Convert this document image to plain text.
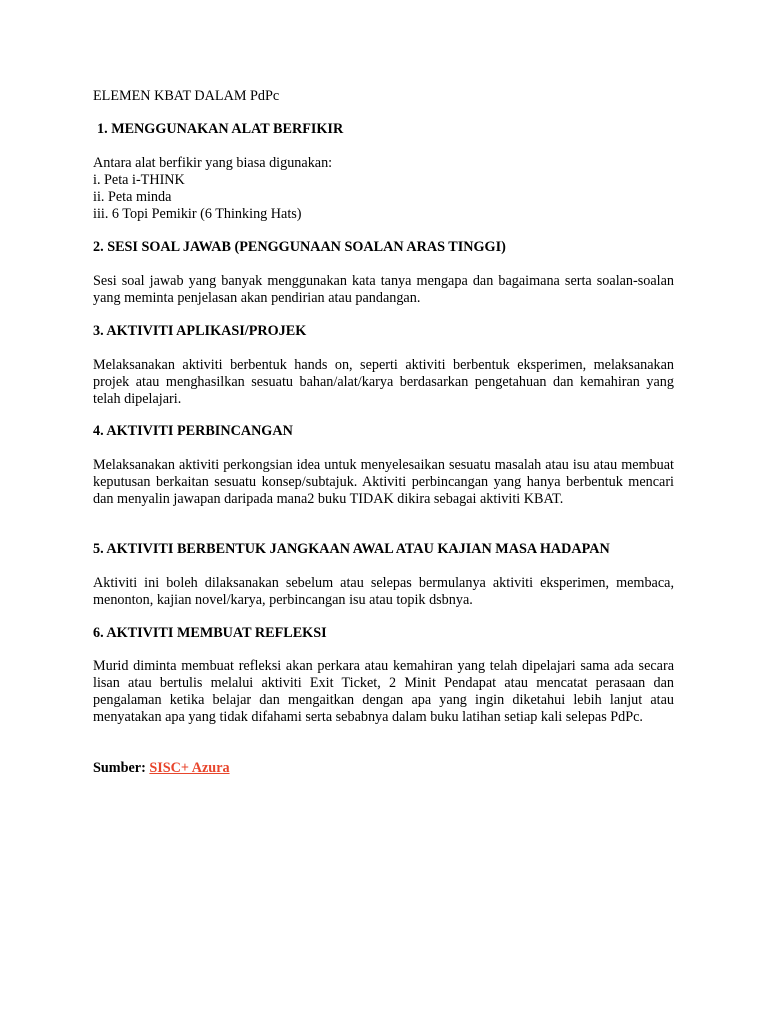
ELEMEN KBAT DALAM PdPc
1. MENGGUNAKAN ALAT BERFIKIR
Antara alat berfikir yang biasa digunakan:
i. Peta i-THINK
ii. Peta minda
iii. 6 Topi Pemikir (6 Thinking Hats)
2. SESI SOAL JAWAB (PENGGUNAAN SOALAN ARAS TINGGI)
Sesi soal jawab yang banyak menggunakan kata tanya mengapa dan bagaimana serta soalan-soalan yang meminta penjelasan akan pendirian atau pandangan.
3. AKTIVITI APLIKASI/PROJEK
Melaksanakan aktiviti berbentuk hands on, seperti aktiviti berbentuk eksperimen, melaksanakan projek atau menghasilkan sesuatu bahan/alat/karya berdasarkan pengetahuan dan kemahiran yang telah dipelajari.
4. AKTIVITI PERBINCANGAN
Melaksanakan aktiviti perkongsian idea untuk menyelesaikan sesuatu masalah atau isu atau membuat keputusan berkaitan sesuatu konsep/subtajuk. Aktiviti perbincangan yang hanya berbentuk mencari dan menyalin jawapan daripada mana2 buku TIDAK dikira sebagai aktiviti KBAT.
5. AKTIVITI BERBENTUK JANGKAAN AWAL ATAU KAJIAN MASA HADAPAN
Aktiviti ini boleh dilaksanakan sebelum atau selepas bermulanya aktiviti eksperimen, membaca, menonton, kajian novel/karya, perbincangan isu atau topik dsbnya.
6. AKTIVITI MEMBUAT REFLEKSI
Murid diminta membuat refleksi akan perkara atau kemahiran yang telah dipelajari sama ada secara lisan atau bertulis melalui aktiviti Exit Ticket, 2 Minit Pendapat atau mencatat perasaan dan pengalaman ketika belajar dan mengaitkan dengan apa yang ingin diketahui lebih lanjut atau menyatakan apa yang tidak difahami serta sebabnya dalam buku latihan setiap kali selepas PdPc.
Sumber: SISC+ Azura
